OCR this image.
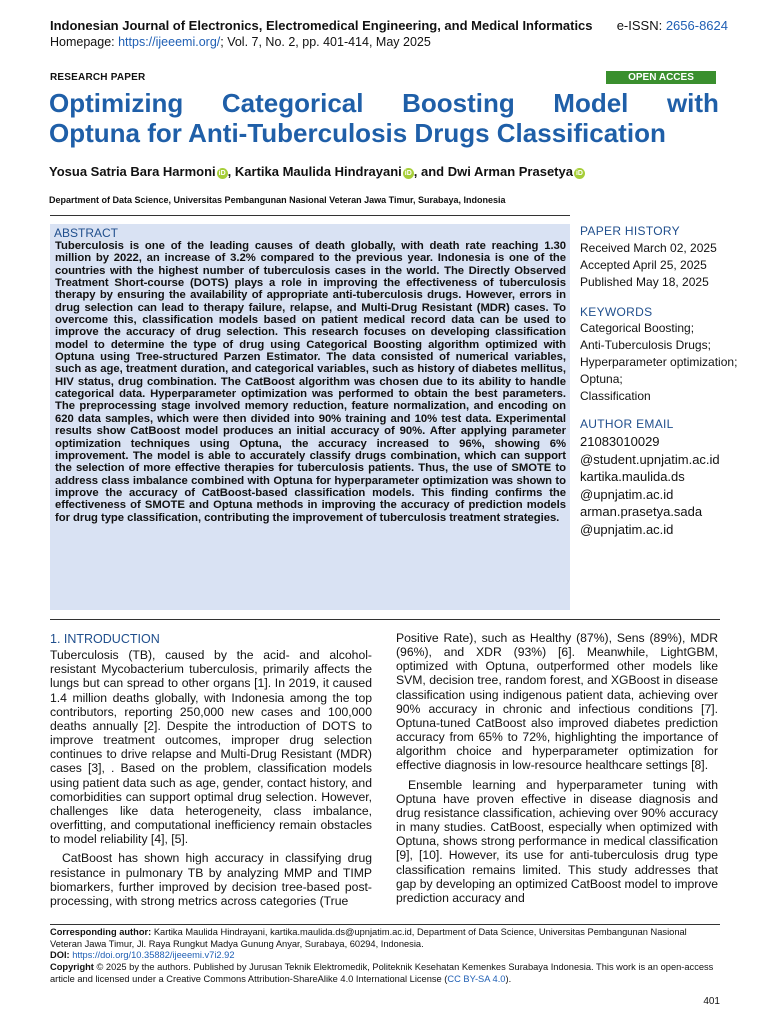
Indonesian Journal of Electronics, Electromedical Engineering, and Medical Informatics
Homepage: https://ijeeemi.org/; Vol. 7, No. 2, pp. 401-414, May 2025
e-ISSN: 2656-8624
RESEARCH PAPER	OPEN ACCES
Optimizing Categorical Boosting Model with
Optuna for Anti-Tuberculosis Drugs Classification
Yosua Satria Bara Harmoni iD , Kartika Maulida Hindrayani iD , and Dwi Arman Prasetya iD
Department of Data Science, Universitas Pembangunan Nasional Veteran Jawa Timur, Surabaya, Indonesia
ABSTRACT

Tuberculosis is one of the leading causes of death globally, with death rate reaching 1.30 million by 2022, an increase of 3.2% compared to the previous year. Indonesia is one of the countries with the highest number of tuberculosis cases in the world. The Directly Observed Treatment Short-course (DOTS) plays a role in improving the effectiveness of tuberculosis therapy by ensuring the availability of appropriate anti-tuberculosis drugs. However, errors in drug selection can lead to therapy failure, relapse, and Multi-Drug Resistant (MDR) cases. To overcome this, classification models based on patient medical record data can be used to improve the accuracy of drug selection. This research focuses on developing classification model to determine the type of drug using Categorical Boosting algorithm optimized with Optuna using Tree-structured Parzen Estimator. The data consisted of numerical variables, such as age, treatment duration, and categorical variables, such as history of diabetes mellitus, HIV status, drug combination. The CatBoost algorithm was chosen due to its ability to handle categorical data. Hyperparameter optimization was performed to obtain the best parameters. The preprocessing stage involved memory reduction, feature normalization, and encoding on 620 data samples, which were then divided into 90% training and 10% test data. Experimental results show CatBoost model produces an initial accuracy of 90%. After applying parameter optimization techniques using Optuna, the accuracy increased to 96%, showing 6% improvement. The model is able to accurately classify drugs combination, which can support the selection of more effective therapies for tuberculosis patients. Thus, the use of SMOTE to address class imbalance combined with Optuna for hyperparameter optimization was shown to improve the accuracy of CatBoost-based classification models. This finding confirms the effectiveness of SMOTE and Optuna methods in improving the accuracy of prediction models for drug type classification, contributing the improvement of tuberculosis treatment strategies.

PAPER HISTORY
Received March 02, 2025
Accepted April 25, 2025
Published May 18, 2025
KEYWORDS
Categorical Boosting;
Anti-Tuberculosis Drugs;
Hyperparameter optimization;
Optuna;
Classification
AUTHOR EMAIL
21083010029
@student.upnjatim.ac.id
kartika.maulida.ds
@upnjatim.ac.id
arman.prasetya.sada
@upnjatim.ac.id
1. INTRODUCTION

Tuberculosis (TB), caused by the acid- and alcohol-resistant Mycobacterium tuberculosis, primarily affects the lungs but can spread to other organs [1]. In 2019, it caused 1.4 million deaths globally, with Indonesia among the top contributors, reporting 250,000 new cases and 100,000 deaths annually [2]. Despite the introduction of DOTS to improve treatment outcomes, improper drug selection continues to drive relapse and Multi-Drug Resistant (MDR) cases [3], . Based on the problem, classification models using patient data such as age, gender, contact history, and comorbidities can support optimal drug selection. However, challenges like data heterogeneity, class imbalance, overfitting, and computational inefficiency remain obstacles to model reliability [4], [5].

CatBoost has shown high accuracy in classifying drug resistance in pulmonary TB by analyzing MMP and TIMP biomarkers, further improved by decision tree-based post-processing, with strong metrics across categories (True

Positive Rate), such as Healthy (87%), Sens (89%), MDR (96%), and XDR (93%) [6]. Meanwhile, LightGBM, optimized with Optuna, outperformed other models like SVM, decision tree, random forest, and XGBoost in disease classification using indigenous patient data, achieving over 90% accuracy in chronic and infectious conditions [7]. Optuna-tuned CatBoost also improved diabetes prediction accuracy from 65% to 72%, highlighting the importance of algorithm choice and hyperparameter optimization for effective diagnosis in low-resource healthcare settings [8].

Ensemble learning and hyperparameter tuning with Optuna have proven effective in disease diagnosis and drug resistance classification, achieving over 90% accuracy in many studies. CatBoost, especially when optimized with Optuna, shows strong performance in medical classification [9], [10]. However, its use for anti-tuberculosis drug type classification remains limited. This study addresses that gap by developing an optimized CatBoost model to improve prediction accuracy and

Corresponding author: Kartika Maulida Hindrayani, kartika.maulida.ds@upnjatim.ac.id, Department of Data Science, Universitas Pembangunan Nasional Veteran Jawa Timur, Jl. Raya Rungkut Madya Gunung Anyar, Surabaya, 60294, Indonesia.
DOI: https://doi.org/10.35882/ijeeemi.v7i2.92
Copyright © 2025 by the authors. Published by Jurusan Teknik Elektromedik, Politeknik Kesehatan Kemenkes Surabaya Indonesia. This work is an open-access article and licensed under a Creative Commons Attribution-ShareAlike 4.0 International License (CC BY-SA 4.0).
401
